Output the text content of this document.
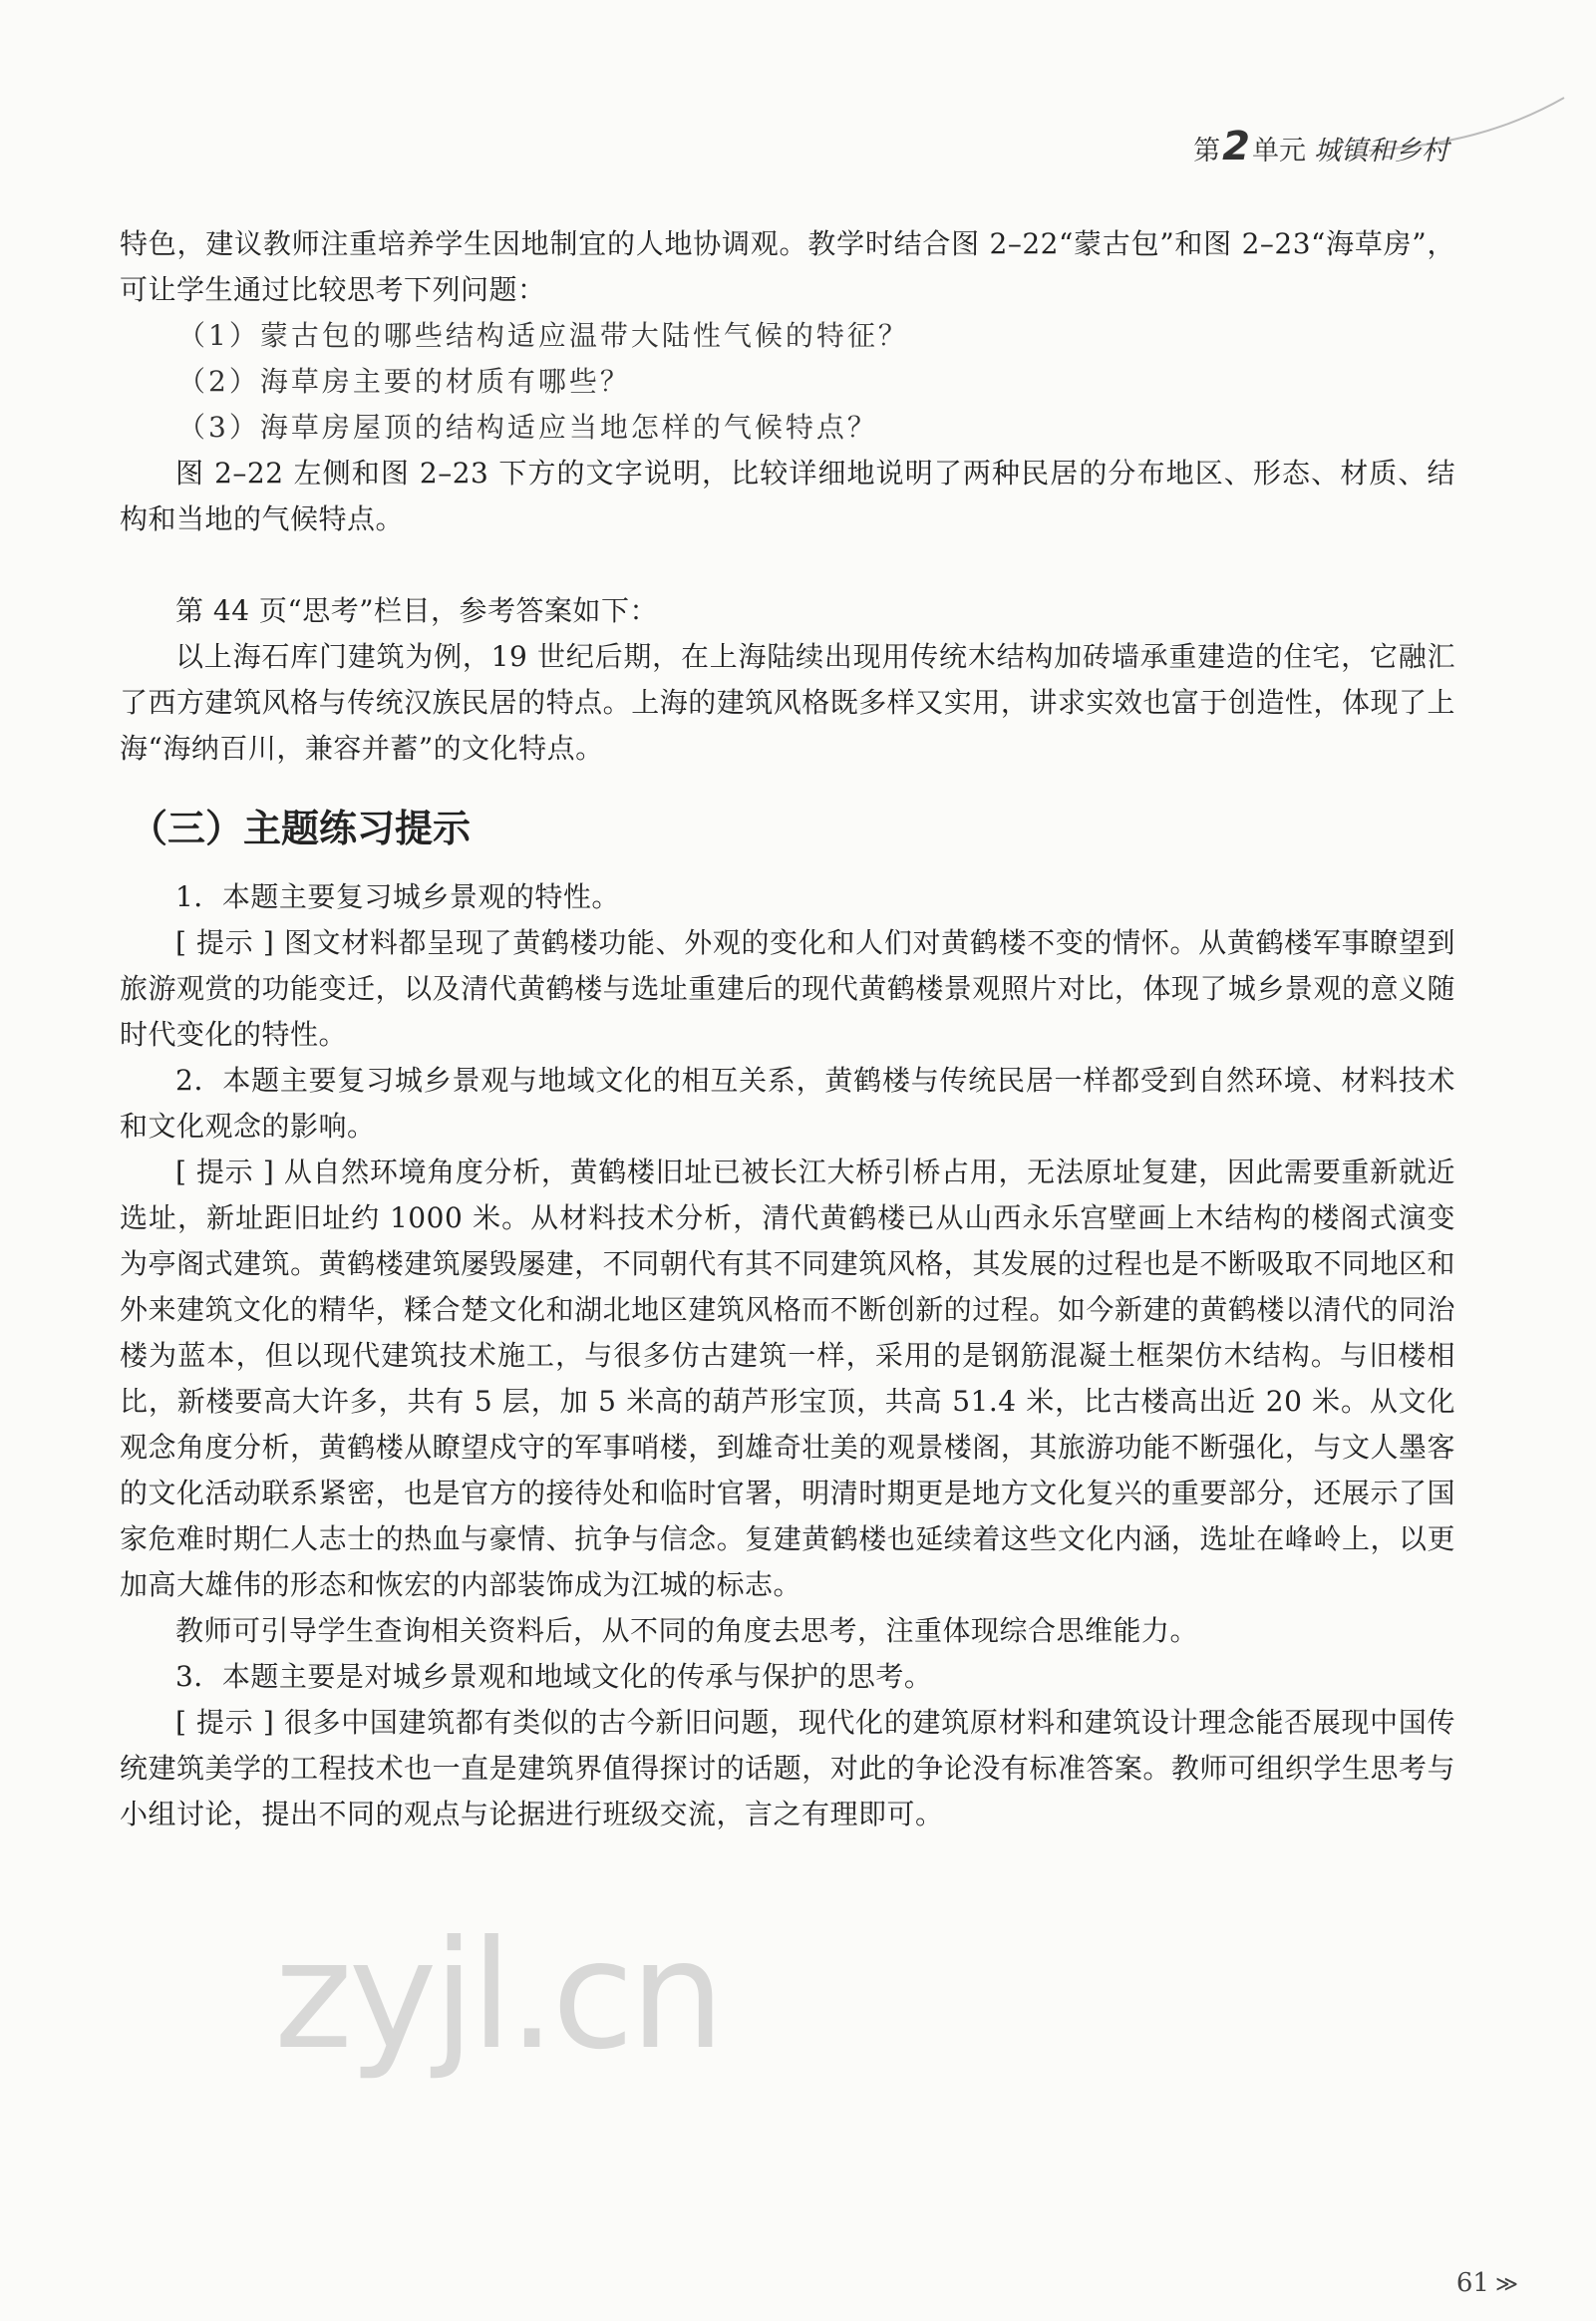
第2单元 城镇和乡村

特色，建议教师注重培养学生因地制宜的人地协调观。教学时结合图 2–22“蒙古包”和图 2–23“海草房”，可让学生通过比较思考下列问题：

（1）蒙古包的哪些结构适应温带大陆性气候的特征？

（2）海草房主要的材质有哪些？

（3）海草房屋顶的结构适应当地怎样的气候特点？

图 2–22 左侧和图 2–23 下方的文字说明，比较详细地说明了两种民居的分布地区、形态、材质、结构和当地的气候特点。

第 44 页“思考”栏目，参考答案如下：

以上海石库门建筑为例，19 世纪后期，在上海陆续出现用传统木结构加砖墙承重建造的住宅，它融汇了西方建筑风格与传统汉族民居的特点。上海的建筑风格既多样又实用，讲求实效也富于创造性，体现了上海“海纳百川，兼容并蓄”的文化特点。

（三）主题练习提示

1．本题主要复习城乡景观的特性。

[ 提示 ] 图文材料都呈现了黄鹤楼功能、外观的变化和人们对黄鹤楼不变的情怀。从黄鹤楼军事瞭望到旅游观赏的功能变迁，以及清代黄鹤楼与选址重建后的现代黄鹤楼景观照片对比，体现了城乡景观的意义随时代变化的特性。

2．本题主要复习城乡景观与地域文化的相互关系，黄鹤楼与传统民居一样都受到自然环境、材料技术和文化观念的影响。

[ 提示 ] 从自然环境角度分析，黄鹤楼旧址已被长江大桥引桥占用，无法原址复建，因此需要重新就近选址，新址距旧址约 1000 米。从材料技术分析，清代黄鹤楼已从山西永乐宫壁画上木结构的楼阁式演变为亭阁式建筑。黄鹤楼建筑屡毁屡建，不同朝代有其不同建筑风格，其发展的过程也是不断吸取不同地区和外来建筑文化的精华，糅合楚文化和湖北地区建筑风格而不断创新的过程。如今新建的黄鹤楼以清代的同治楼为蓝本，但以现代建筑技术施工，与很多仿古建筑一样，采用的是钢筋混凝土框架仿木结构。与旧楼相比，新楼要高大许多，共有 5 层，加 5 米高的葫芦形宝顶，共高 51.4 米，比古楼高出近 20 米。从文化观念角度分析，黄鹤楼从瞭望戍守的军事哨楼，到雄奇壮美的观景楼阁，其旅游功能不断强化，与文人墨客的文化活动联系紧密，也是官方的接待处和临时官署，明清时期更是地方文化复兴的重要部分，还展示了国家危难时期仁人志士的热血与豪情、抗争与信念。复建黄鹤楼也延续着这些文化内涵，选址在峰岭上，以更加高大雄伟的形态和恢宏的内部装饰成为江城的标志。

教师可引导学生查询相关资料后，从不同的角度去思考，注重体现综合思维能力。

3．本题主要是对城乡景观和地域文化的传承与保护的思考。

[ 提示 ] 很多中国建筑都有类似的古今新旧问题，现代化的建筑原材料和建筑设计理念能否展现中国传统建筑美学的工程技术也一直是建筑界值得探讨的话题，对此的争论没有标准答案。教师可组织学生思考与小组讨论，提出不同的观点与论据进行班级交流，言之有理即可。

zyjl.cn
61 ≫
